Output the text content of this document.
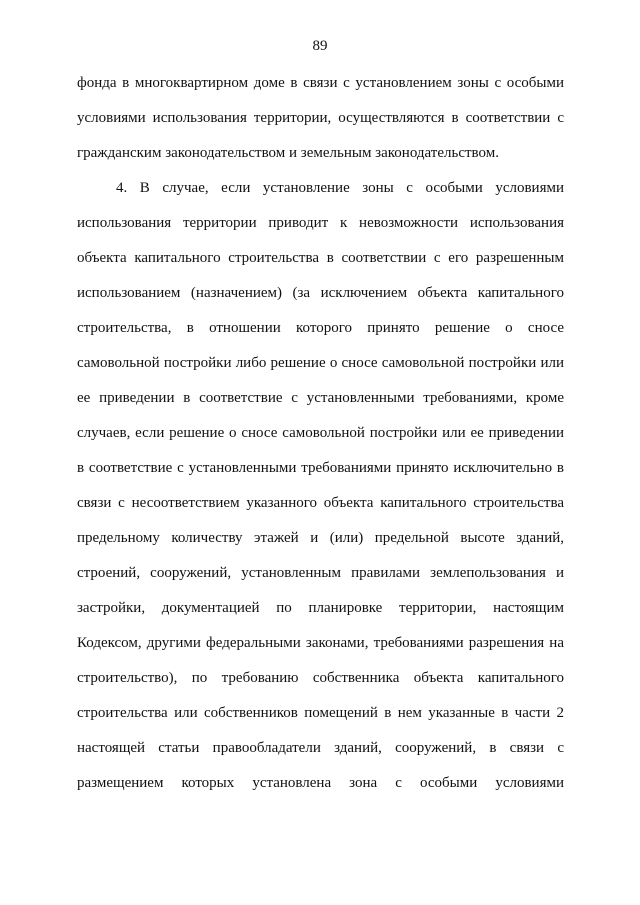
89
фонда в многоквартирном доме в связи с установлением зоны с особыми
условиями использования территории, осуществляются в соответствии с
гражданским законодательством и земельным законодательством.
4. В случае, если установление зоны с особыми условиями
использования территории приводит к невозможности использования
объекта капитального строительства в соответствии с его разрешенным
использованием (назначением) (за исключением объекта капитального
строительства, в отношении которого принято решение о сносе
самовольной постройки либо решение о сносе самовольной постройки или
ее приведении в соответствие с установленными требованиями, кроме
случаев, если решение о сносе самовольной постройки или ее приведении
в соответствие с установленными требованиями принято исключительно в
связи с несоответствием указанного объекта капитального строительства
предельному количеству этажей и (или) предельной высоте зданий,
строений, сооружений, установленным правилами землепользования и
застройки, документацией по планировке территории, настоящим
Кодексом, другими федеральными законами, требованиями разрешения на
строительство), по требованию собственника объекта капитального
строительства или собственников помещений в нем указанные в части 2
настоящей статьи правообладатели зданий, сооружений, в связи с
размещением которых установлена зона с особыми условиями
